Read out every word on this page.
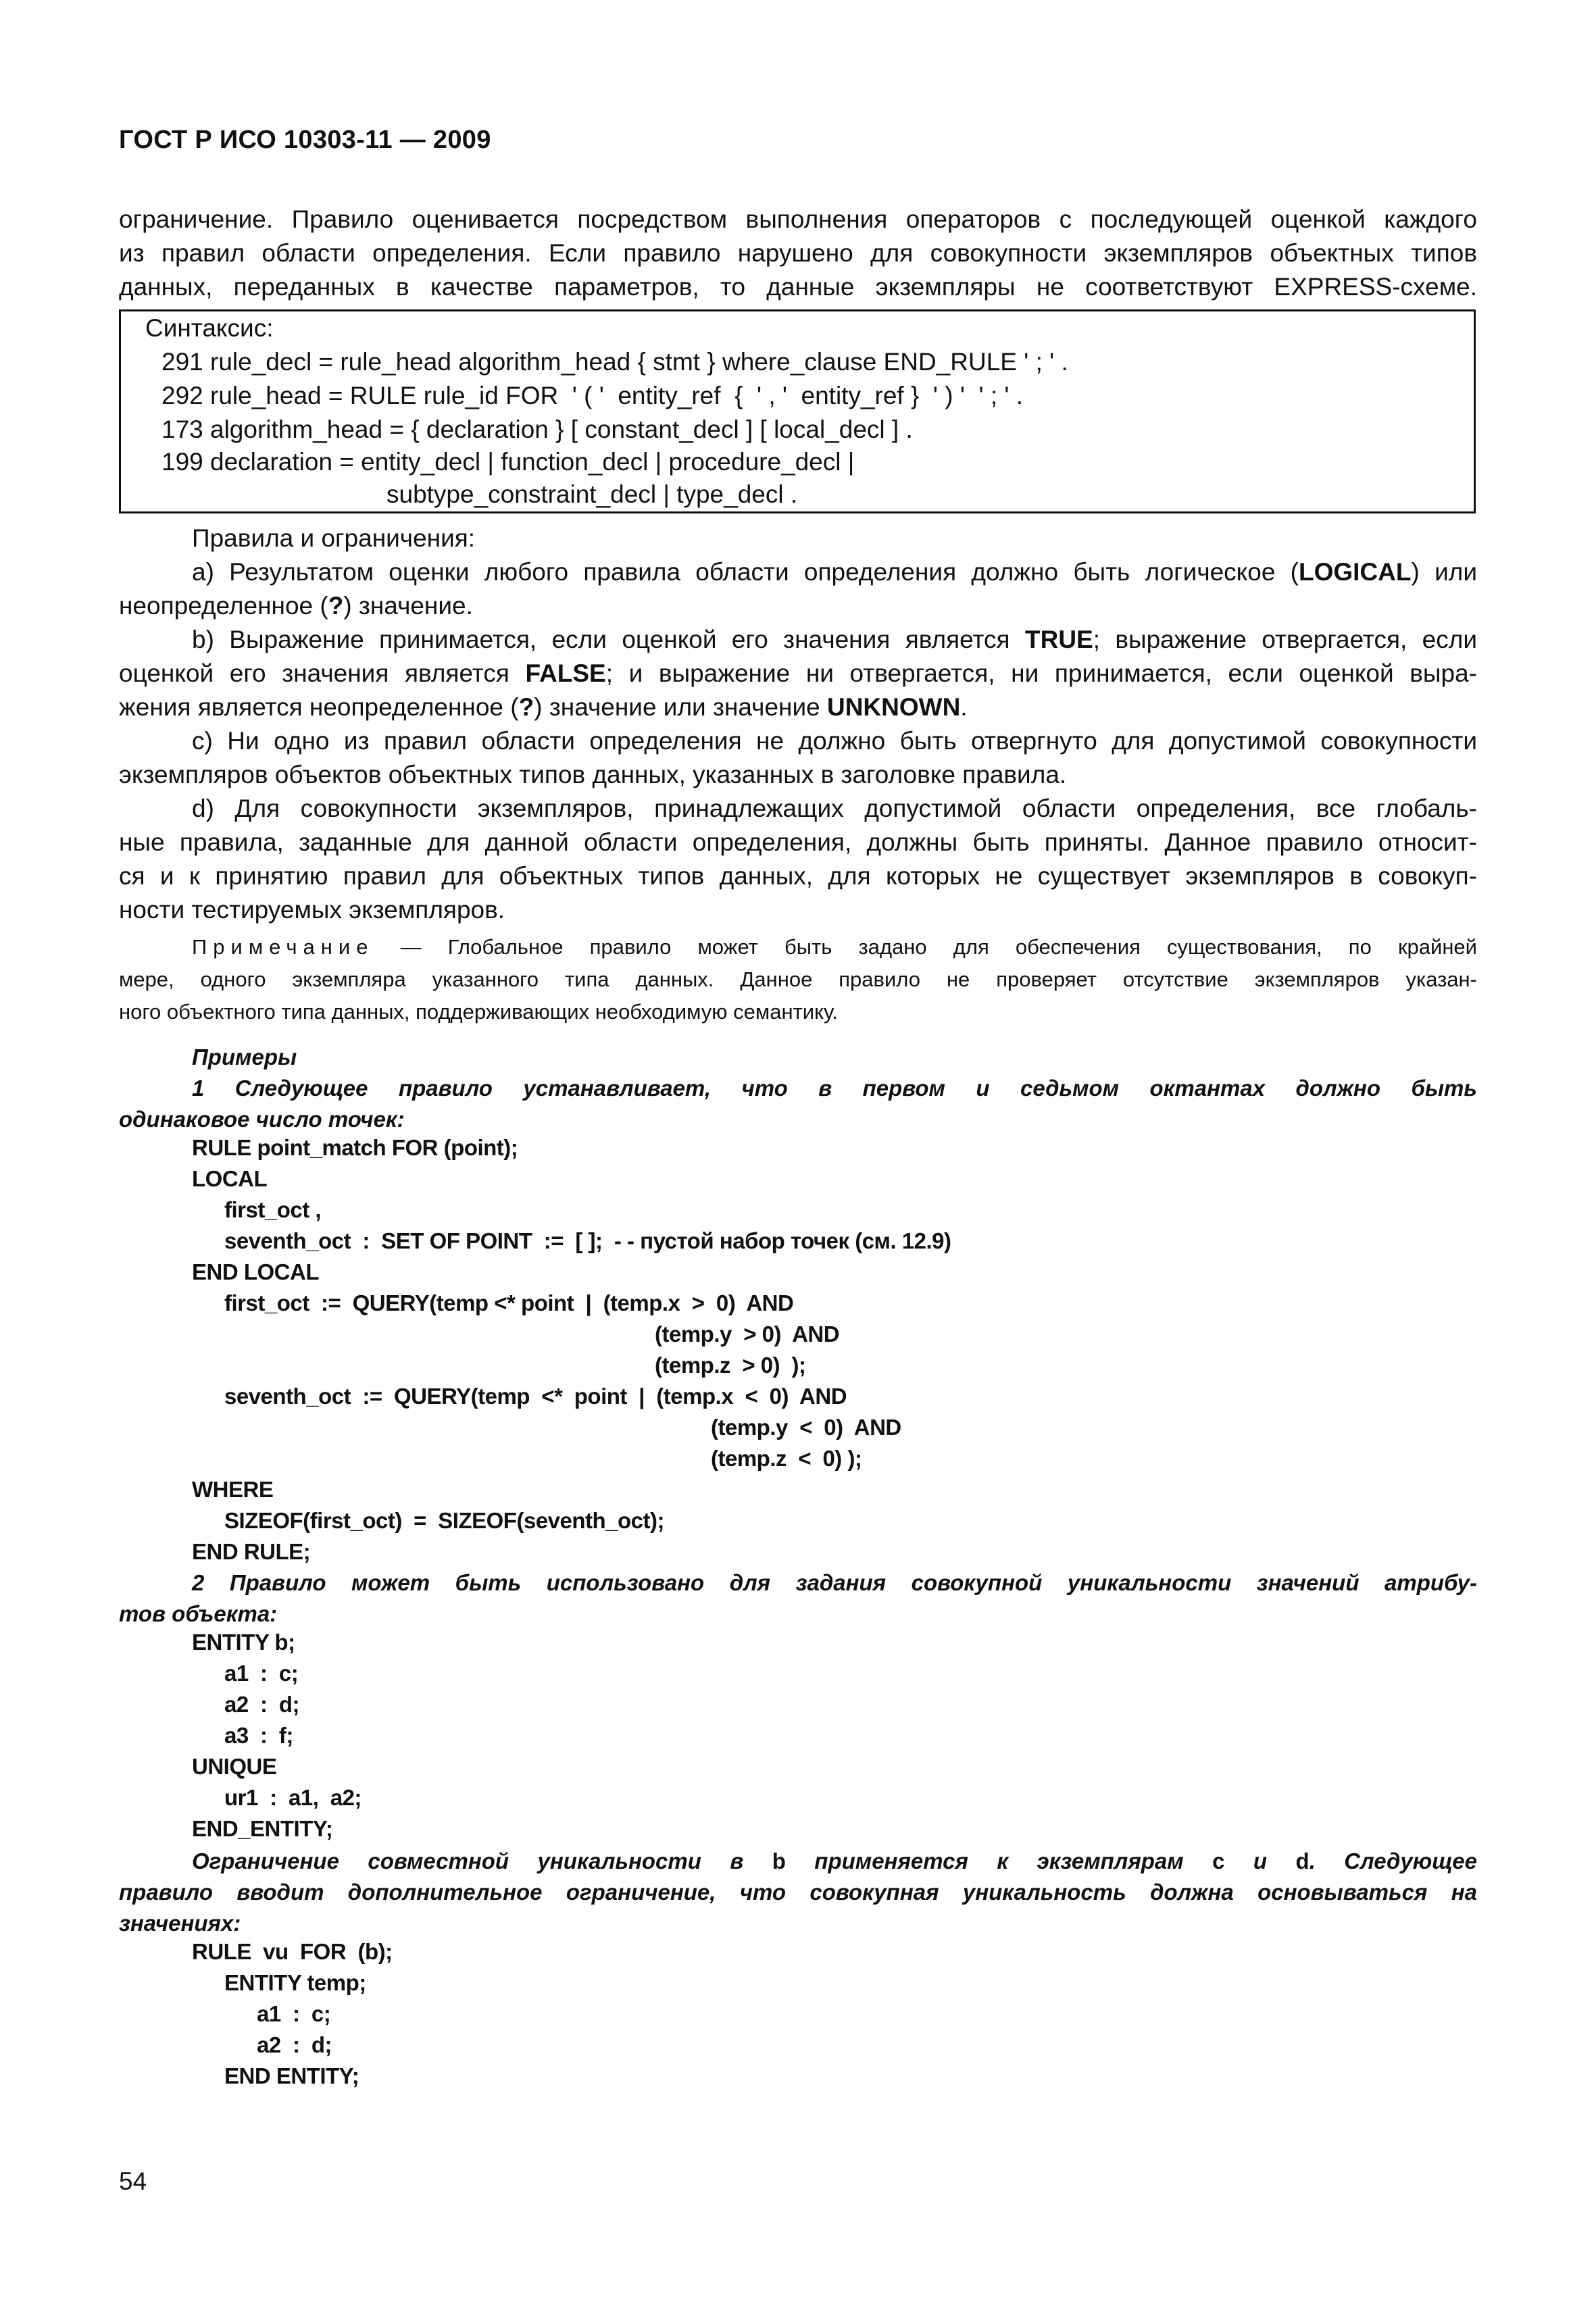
ГОСТ Р ИСО 10303-11 — 2009
ограничение. Правило оценивается посредством выполнения операторов с последующей оценкой каждого
из правил области определения. Если правило нарушено для совокупности экземпляров объектных типов
данных, переданных в качестве параметров, то данные экземпляры не соответствуют EXPRESS-схеме.
Синтаксис:
291 rule_decl = rule_head algorithm_head { stmt } where_clause END_RULE ' ; ' .
292 rule_head = RULE rule_id FOR  ' ( '  entity_ref  {  ' , '  entity_ref }  ' ) '  ' ; ' .
173 algorithm_head = { declaration } [ constant_decl ] [ local_decl ] .
199 declaration = entity_decl | function_decl | procedure_decl |
subtype_constraint_decl | type_decl .
Правила и ограничения:
a) Результатом оценки любого правила области определения должно быть логическое (LOGICAL) или
неопределенное (?) значение.
b) Выражение принимается, если оценкой его значения является TRUE; выражение отвергается, если
оценкой его значения является FALSE; и выражение ни отвергается, ни принимается, если оценкой выра-
жения является неопределенное (?) значение или значение UNKNOWN.
c) Ни одно из правил области определения не должно быть отвергнуто для допустимой совокупности
экземпляров объектов объектных типов данных, указанных в заголовке правила.
d) Для совокупности экземпляров, принадлежащих допустимой области определения, все глобаль-
ные правила, заданные для данной области определения, должны быть приняты. Данное правило относит-
ся и к принятию правил для объектных типов данных, для которых не существует экземпляров в совокуп-
ности тестируемых экземпляров.
Примечание — Глобальное правило может быть задано для обеспечения существования, по крайней
мере, одного экземпляра указанного типа данных. Данное правило не проверяет отсутствие экземпляров указан-
ного объектного типа данных, поддерживающих необходимую семантику.
Примеры
1 Следующее правило устанавливает, что в первом и седьмом октантах должно быть
одинаковое число точек:
RULE point_match FOR (point);
LOCAL
first_oct ,
seventh_oct  :  SET OF POINT  :=  [ ];  - - пустой набор точек (см. 12.9)
END LOCAL
first_oct  :=  QUERY(temp <* point  |  (temp.x  >  0)  AND
(temp.y  > 0)  AND
(temp.z  > 0)  );
seventh_oct  :=  QUERY(temp  <*  point  |  (temp.x  <  0)  AND
(temp.y  <  0)  AND
(temp.z  <  0) );
WHERE
SIZEOF(first_oct)  =  SIZEOF(seventh_oct);
END RULE;
2 Правило может быть использовано для задания совокупной уникальности значений атрибу-
тов объекта:
ENTITY b;
a1  :  c;
a2  :  d;
a3  :  f;
UNIQUE
ur1  :  a1,  a2;
END_ENTITY;
Ограничение совместной уникальности в b применяется к экземплярам c и d. Следующее
правило вводит дополнительное ограничение, что совокупная уникальность должна основываться на
значениях:
RULE  vu  FOR  (b);
ENTITY temp;
a1  :  c;
a2  :  d;
END ENTITY;
54
